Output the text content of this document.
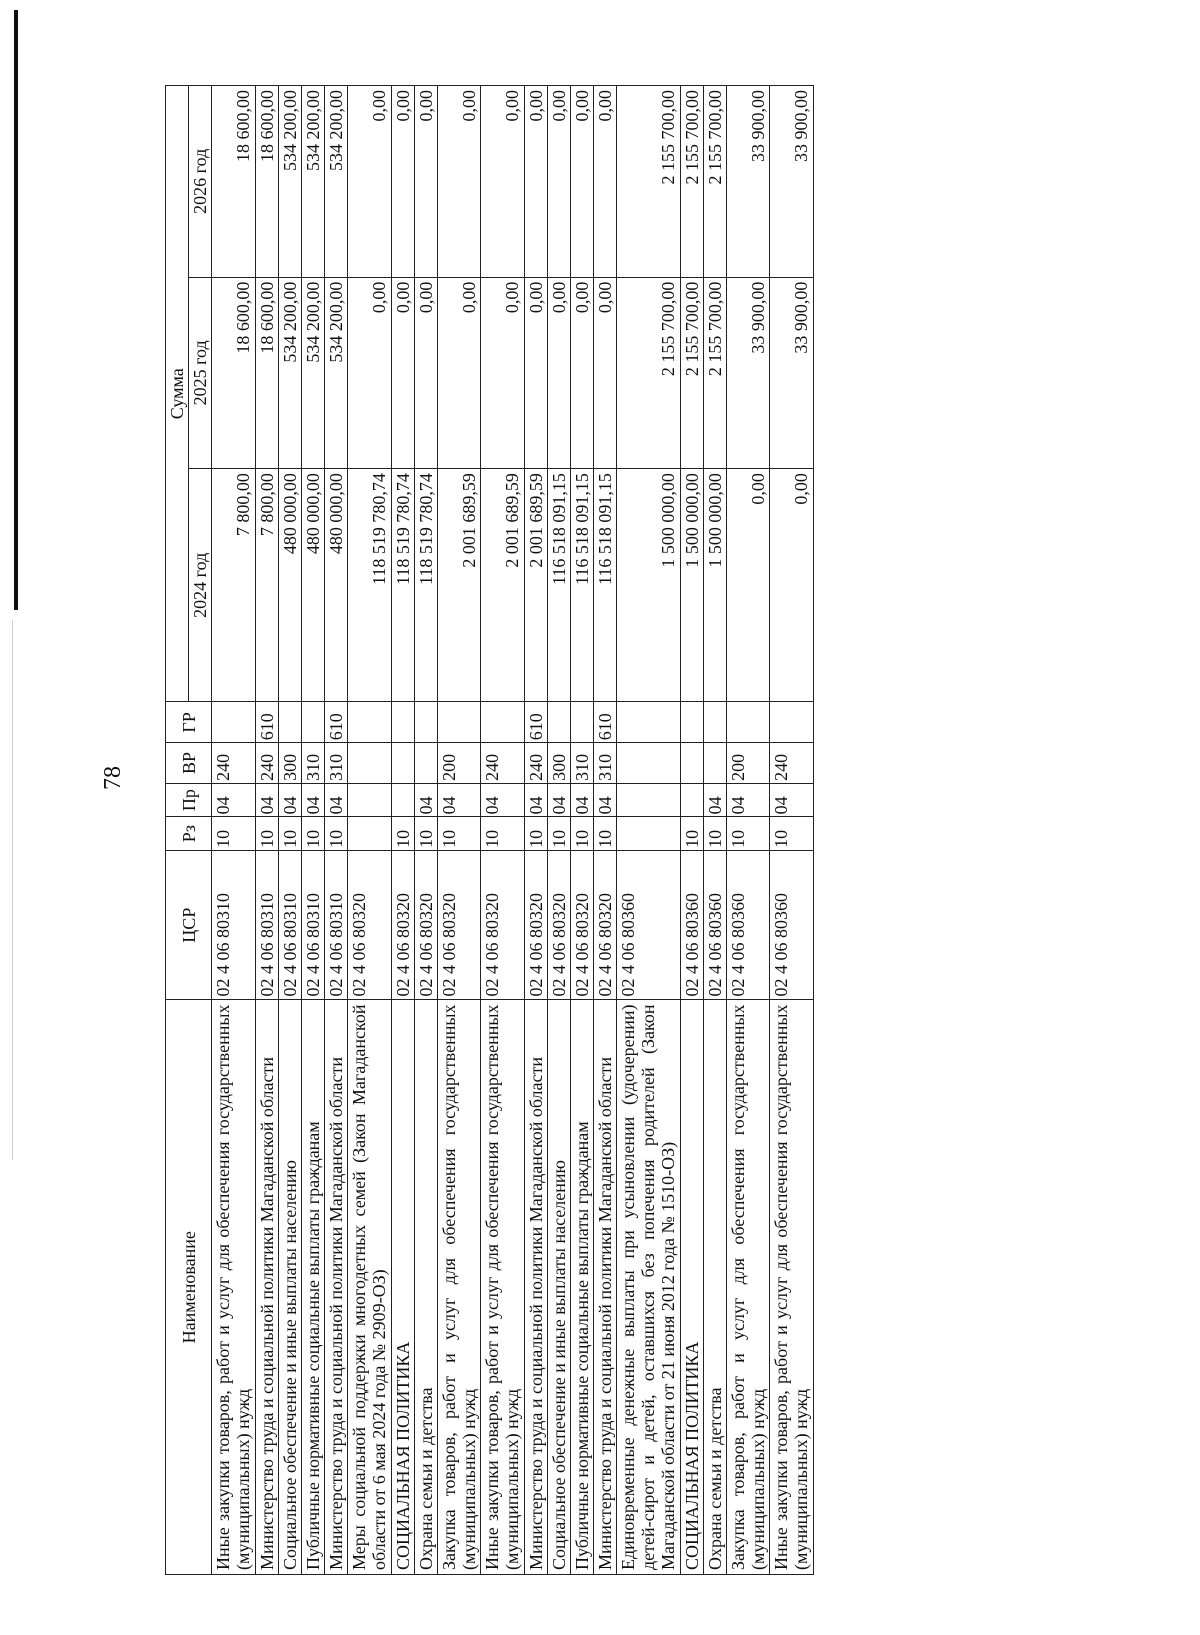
78
Наименование	ЦСР	Рз	Пр	ВР	ГР	Сумма		
						2024 год	2025 год	2026 год
Иные закупки товаров, работ и услуг для обеспечения государственных (муниципальных) нужд	02 4 06 80310	10	04	240		7 800,00	18 600,00	18 600,00
Министерство труда и социальной политики Магаданской области	02 4 06 80310	10	04	240	610	7 800,00	18 600,00	18 600,00
Социальное обеспечение и иные выплаты населению	02 4 06 80310	10	04	300		480 000,00	534 200,00	534 200,00
Публичные нормативные социальные выплаты гражданам	02 4 06 80310	10	04	310		480 000,00	534 200,00	534 200,00
Министерство труда и социальной политики Магаданской области	02 4 06 80310	10	04	310	610	480 000,00	534 200,00	534 200,00
Меры социальной поддержки многодетных семей (Закон Магаданской области от 6 мая 2024 года № 2909-ОЗ)	02 4 06 80320					118 519 780,74	0,00	0,00
СОЦИАЛЬНАЯ ПОЛИТИКА	02 4 06 80320	10				118 519 780,74	0,00	0,00
Охрана семьи и детства	02 4 06 80320	10	04			118 519 780,74	0,00	0,00
Закупка товаров, работ и услуг для обеспечения государственных (муниципальных) нужд	02 4 06 80320	10	04	200		2 001 689,59	0,00	0,00
Иные закупки товаров, работ и услуг для обеспечения государственных (муниципальных) нужд	02 4 06 80320	10	04	240		2 001 689,59	0,00	0,00
Министерство труда и социальной политики Магаданской области	02 4 06 80320	10	04	240	610	2 001 689,59	0,00	0,00
Социальное обеспечение и иные выплаты населению	02 4 06 80320	10	04	300		116 518 091,15	0,00	0,00
Публичные нормативные социальные выплаты гражданам	02 4 06 80320	10	04	310		116 518 091,15	0,00	0,00
Министерство труда и социальной политики Магаданской области	02 4 06 80320	10	04	310	610	116 518 091,15	0,00	0,00
Единовременные денежные выплаты при усыновлении (удочерении) детей-сирот и детей, оставшихся без попечения родителей (Закон Магаданской области от 21 июня 2012 года № 1510-ОЗ)	02 4 06 80360					1 500 000,00	2 155 700,00	2 155 700,00
СОЦИАЛЬНАЯ ПОЛИТИКА	02 4 06 80360	10				1 500 000,00	2 155 700,00	2 155 700,00
Охрана семьи и детства	02 4 06 80360	10	04			1 500 000,00	2 155 700,00	2 155 700,00
Закупка товаров, работ и услуг для обеспечения государственных (муниципальных) нужд	02 4 06 80360	10	04	200		0,00	33 900,00	33 900,00
Иные закупки товаров, работ и услуг для обеспечения государственных (муниципальных) нужд	02 4 06 80360	10	04	240		0,00	33 900,00	33 900,00
